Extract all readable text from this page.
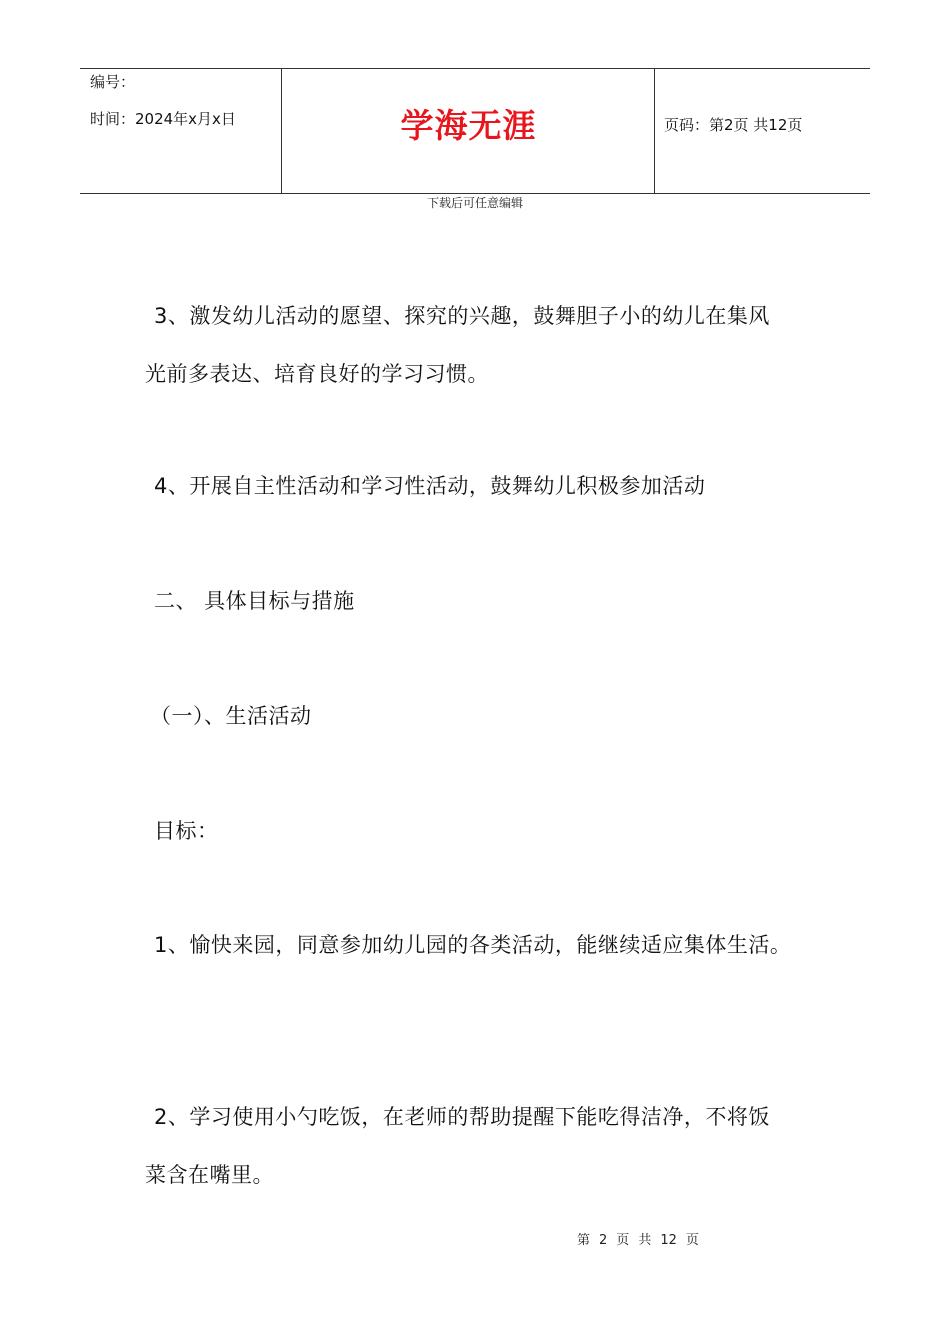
编号：
时间：2024年x月x日	学海无涯	页码：第2页 共12页
下载后可任意编辑
3、激发幼儿活动的愿望、探究的兴趣，鼓舞胆子小的幼儿在集风
光前多表达、培育良好的学习习惯。
4、开展自主性活动和学习性活动，鼓舞幼儿积极参加活动
二、 具体目标与措施
（一）、生活活动
目标：
1、愉快来园，同意参加幼儿园的各类活动，能继续适应集体生活。
2、学习使用小勺吃饭，在老师的帮助提醒下能吃得洁净，不将饭
菜含在嘴里。
第 2 页 共 12 页
